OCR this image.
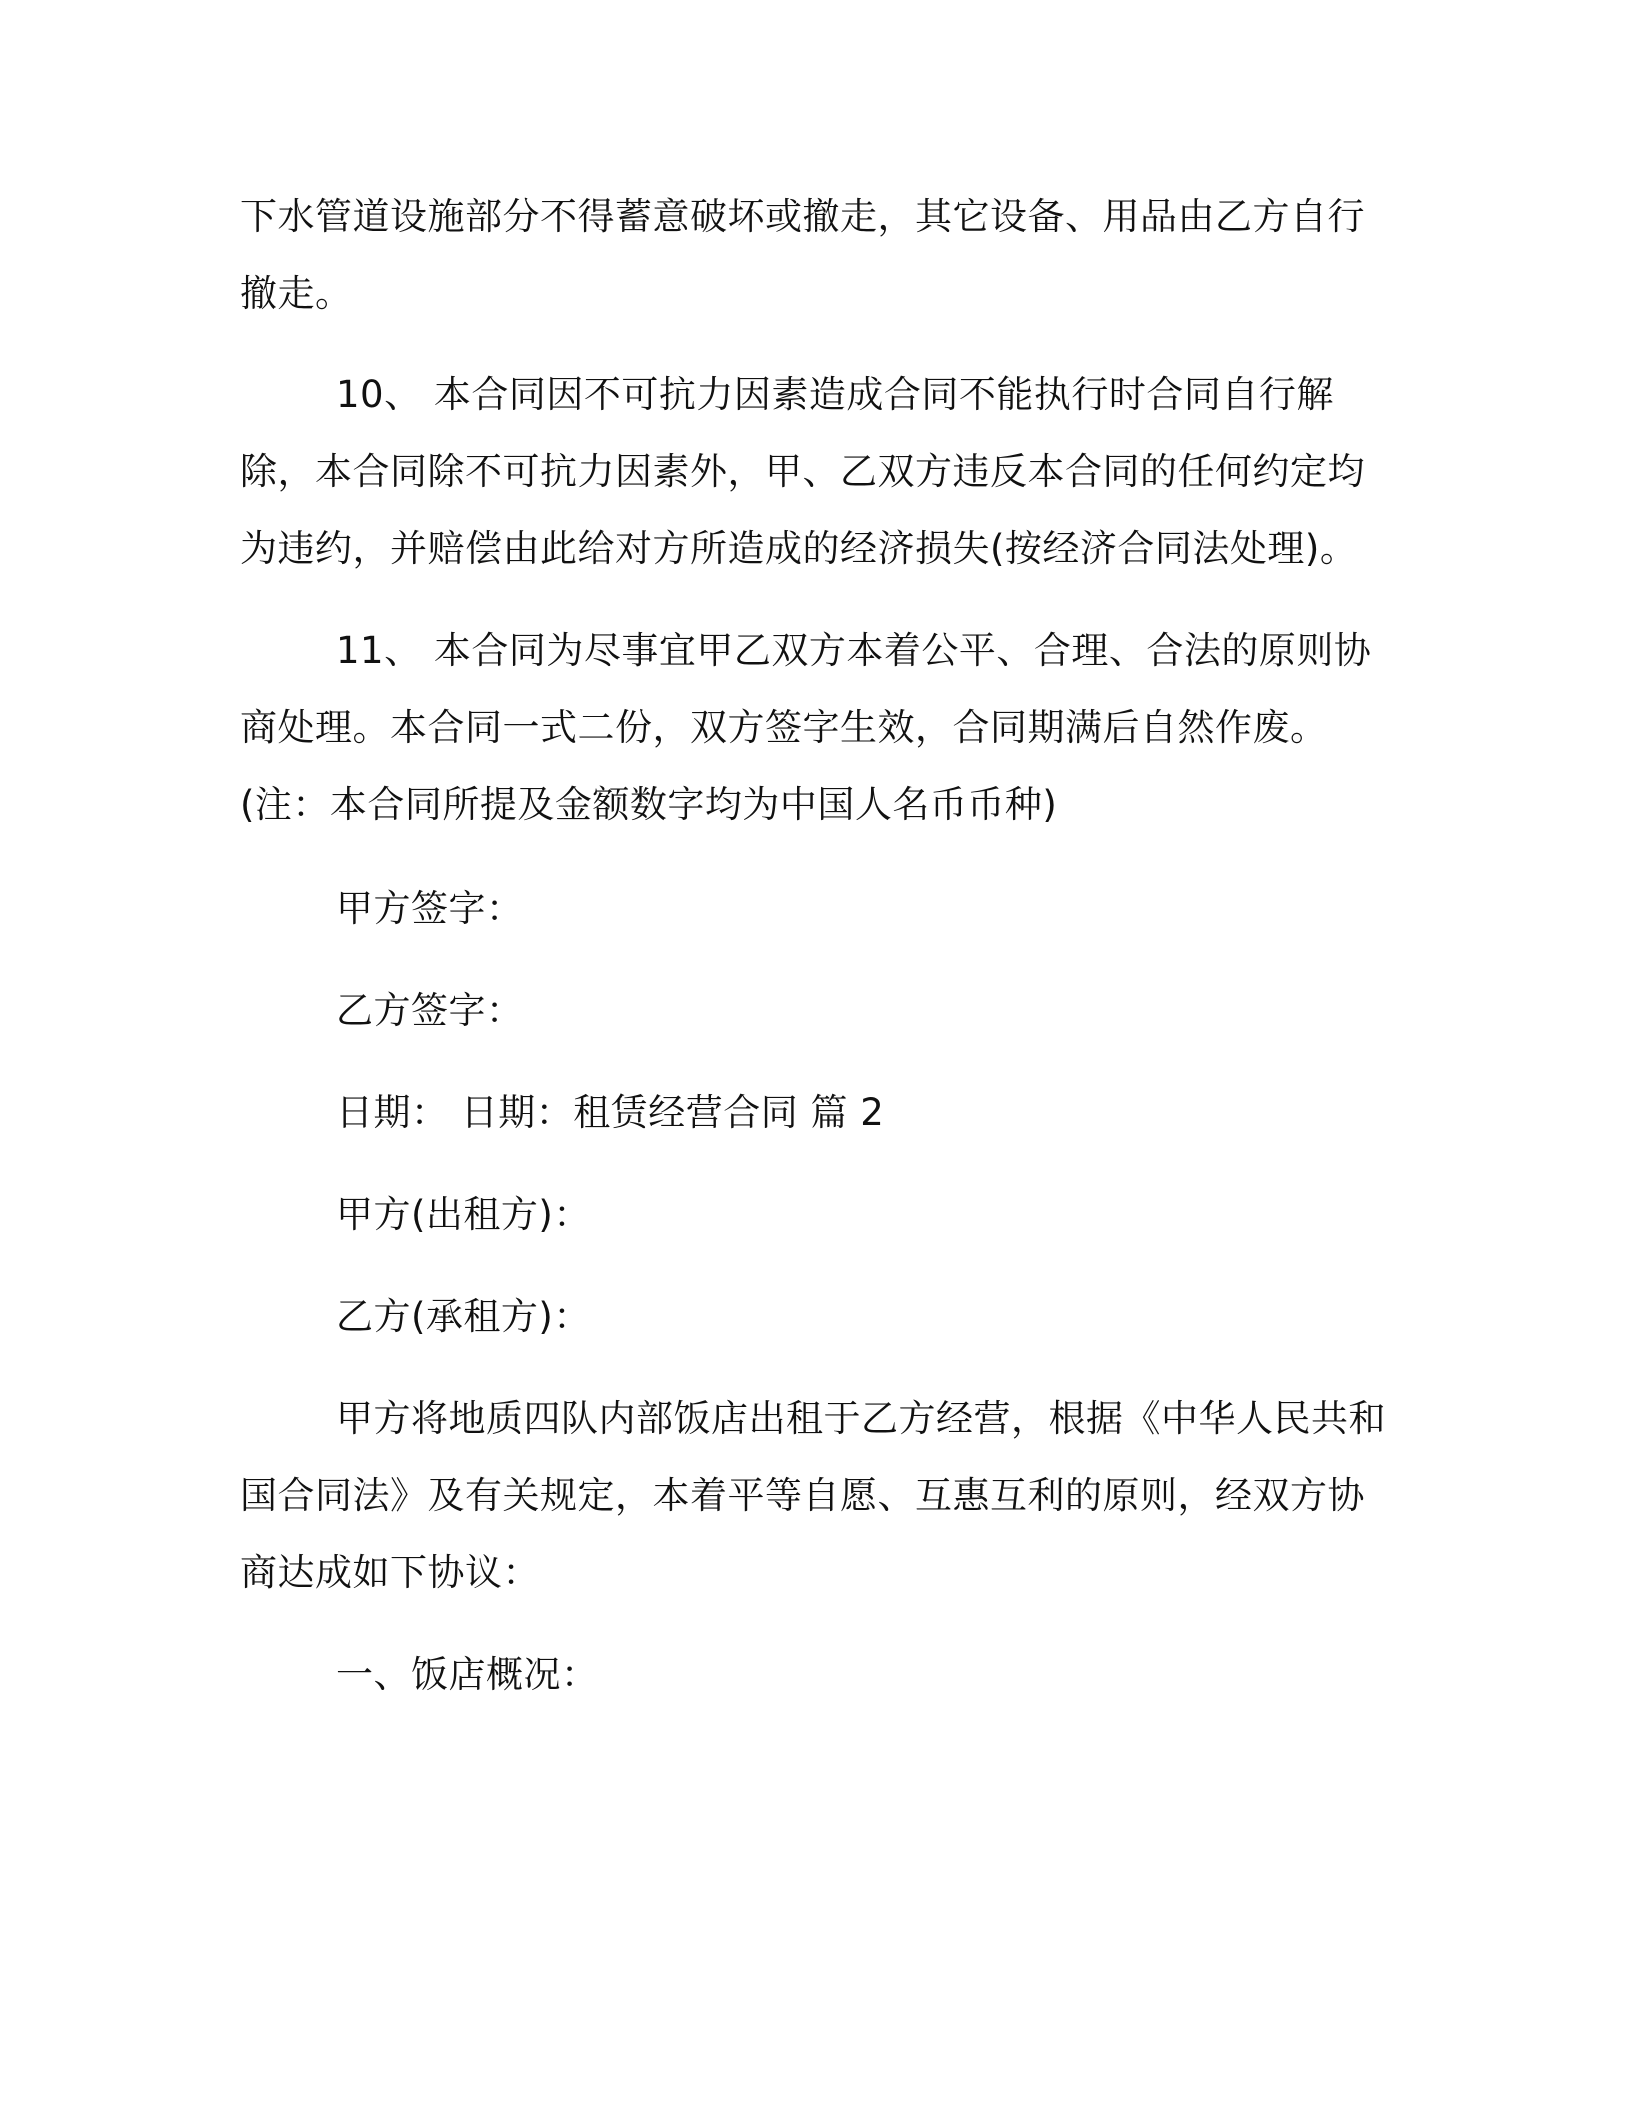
下水管道设施部分不得蓄意破坏或撤走，其它设备、用品由乙方自行撤走。

10、 本合同因不可抗力因素造成合同不能执行时合同自行解除，本合同除不可抗力因素外，甲、乙双方违反本合同的任何约定均为违约，并赔偿由此给对方所造成的经济损失(按经济合同法处理)。

11、 本合同为尽事宜甲乙双方本着公平、合理、合法的原则协商处理。本合同一式二份，双方签字生效，合同期满后自然作废。 (注：本合同所提及金额数字均为中国人名币币种)

甲方签字：

乙方签字：

日期： 日期：租赁经营合同 篇 2

甲方(出租方)：

乙方(承租方)：

甲方将地质四队内部饭店出租于乙方经营，根据《中华人民共和国合同法》及有关规定，本着平等自愿、互惠互利的原则，经双方协商达成如下协议：

一、饭店概况：
